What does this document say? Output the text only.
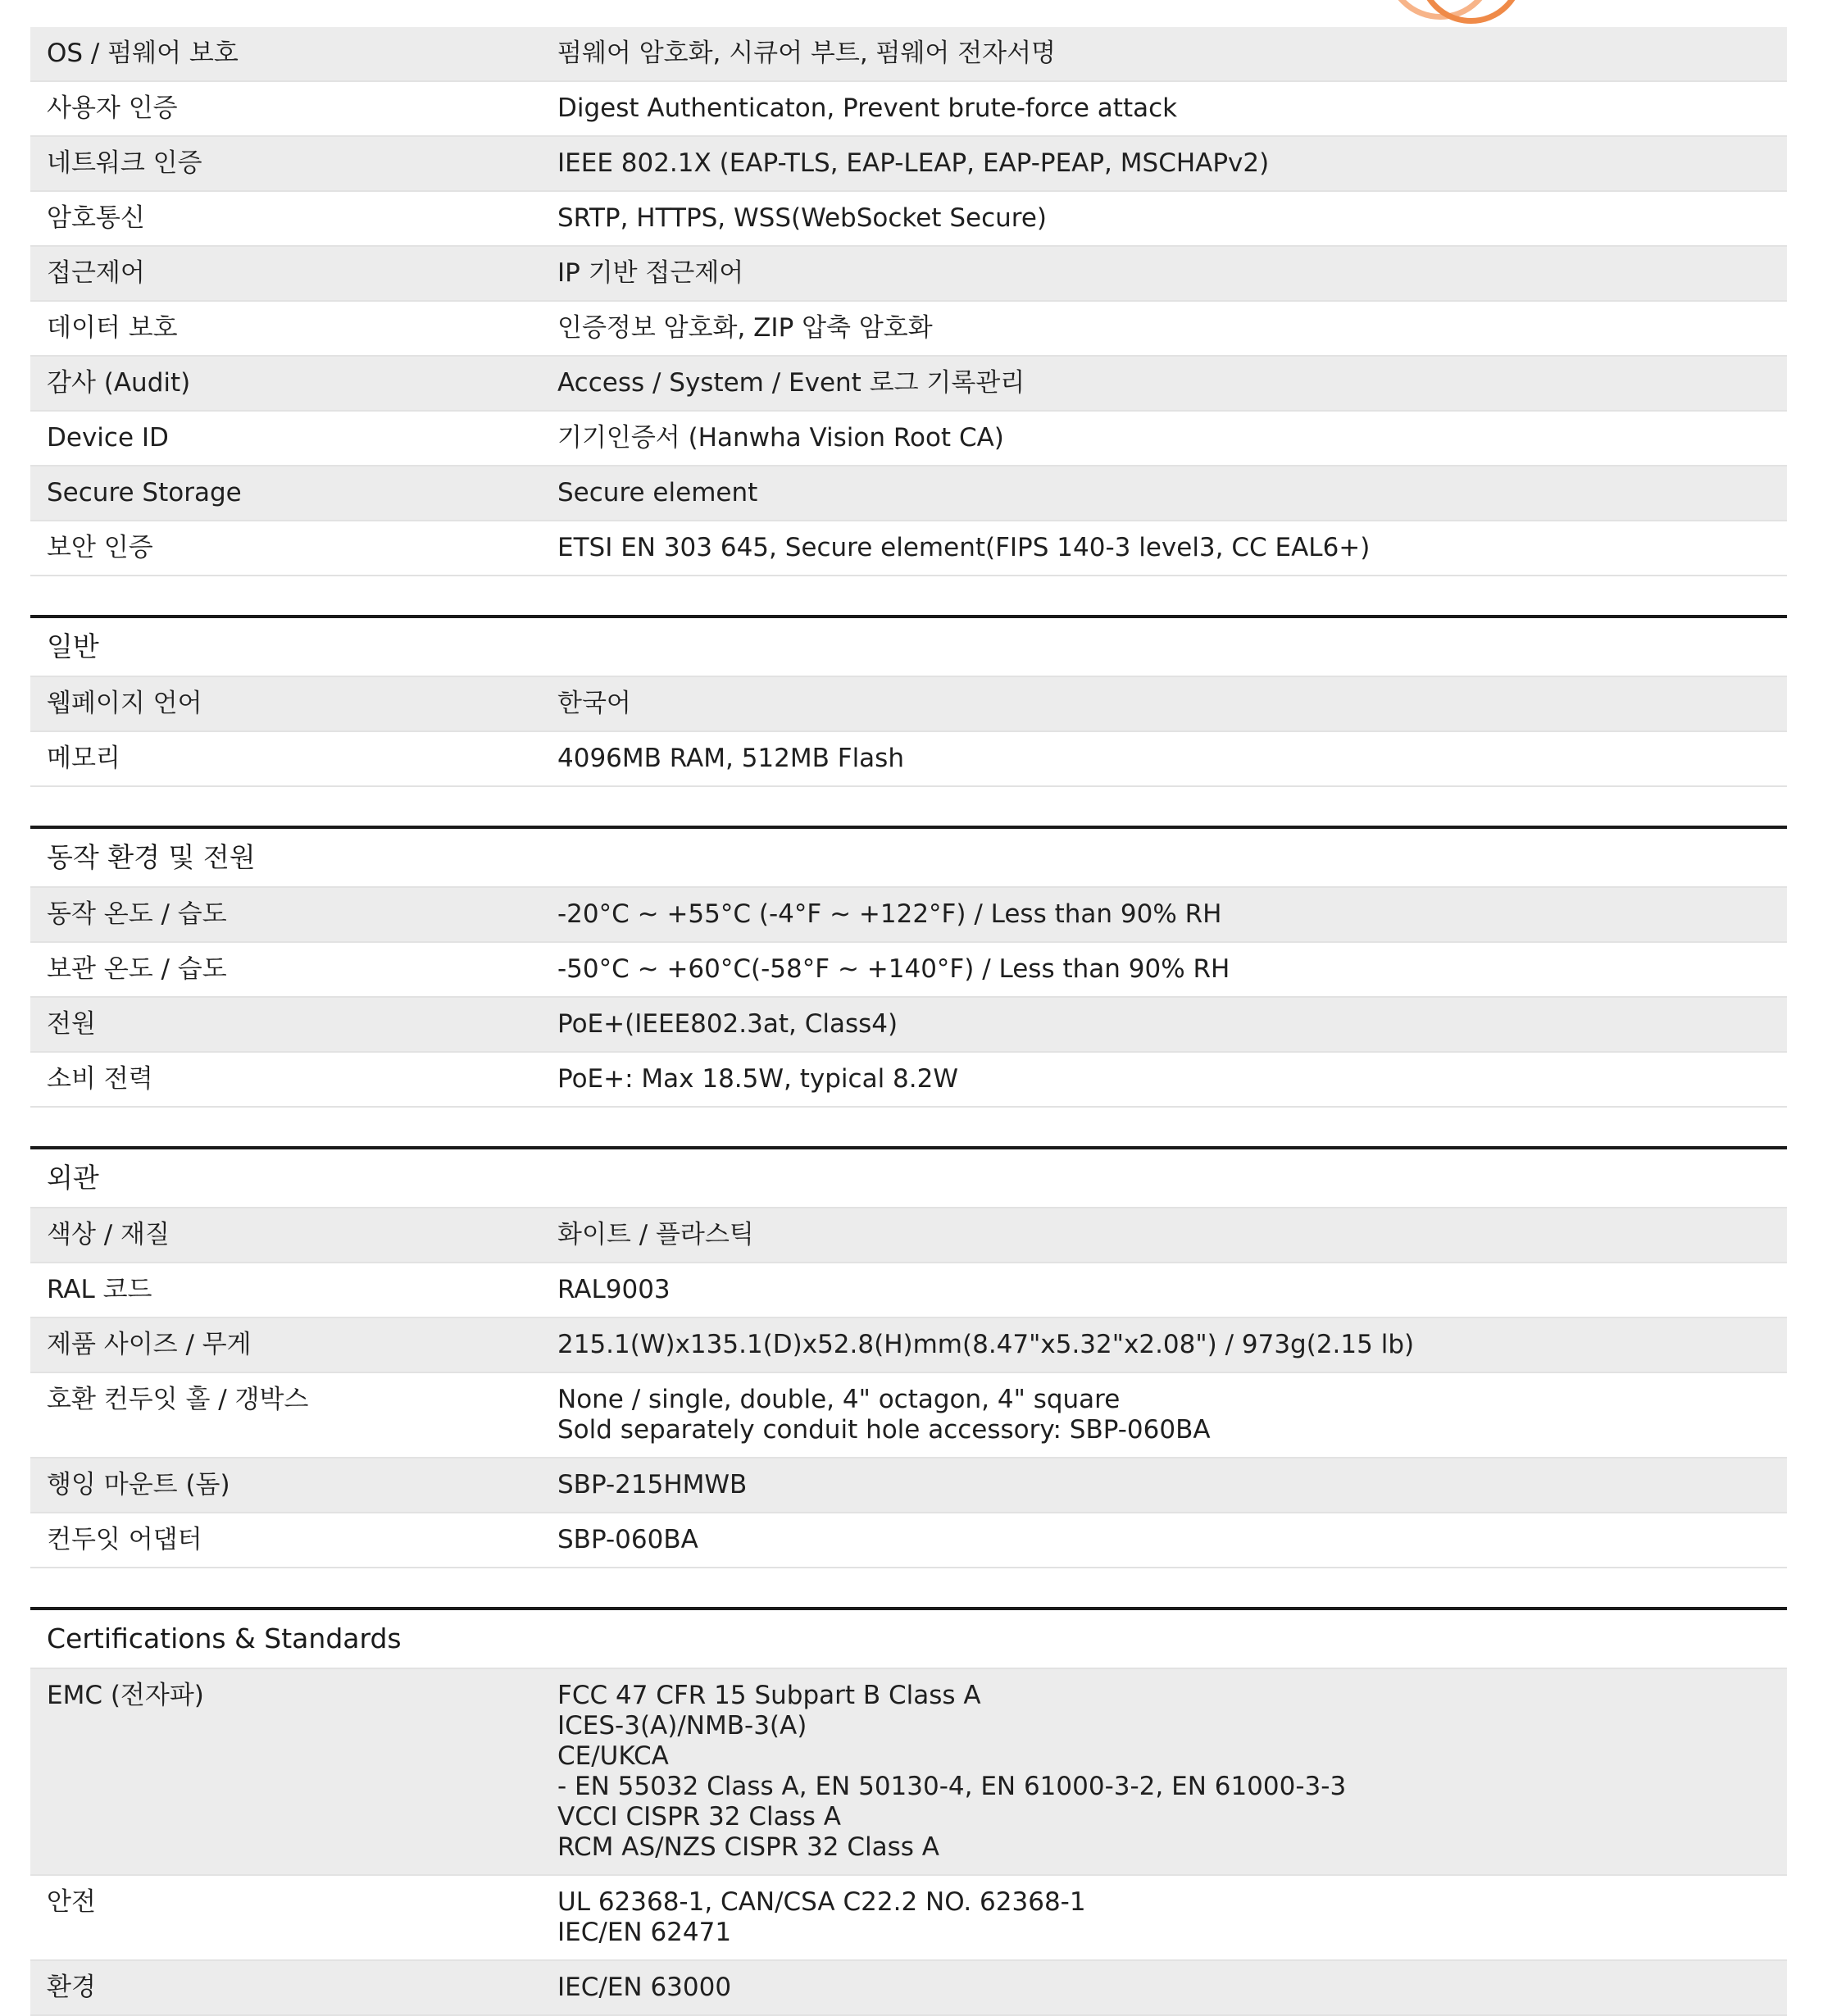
OS / 펌웨어 보호	펌웨어 암호화, 시큐어 부트, 펌웨어 전자서명
사용자 인증	Digest Authenticaton, Prevent brute-force attack
네트워크 인증	IEEE 802.1X (EAP-TLS, EAP-LEAP, EAP-PEAP, MSCHAPv2)
암호통신	SRTP, HTTPS, WSS(WebSocket Secure)
접근제어	IP 기반 접근제어
데이터 보호	인증정보 암호화, ZIP 압축 암호화
감사 (Audit)	Access / System / Event 로그 기록관리
Device ID	기기인증서 (Hanwha Vision Root CA)
Secure Storage	Secure element
보안 인증	ETSI EN 303 645, Secure element(FIPS 140-3 level3, CC EAL6+)
일반
웹페이지 언어	한국어
메모리	4096MB RAM, 512MB Flash
동작 환경 및 전원
동작 온도 / 습도	-20°C ~ +55°C (-4°F ~ +122°F) / Less than 90% RH
보관 온도 / 습도	-50°C ~ +60°C(-58°F ~ +140°F) / Less than 90% RH
전원	PoE+(IEEE802.3at, Class4)
소비 전력	PoE+: Max 18.5W, typical 8.2W
외관
색상 / 재질	화이트 / 플라스틱
RAL 코드	RAL9003
제품 사이즈 / 무게	215.1(W)x135.1(D)x52.8(H)mm(8.47"x5.32"x2.08") / 973g(2.15 lb)
호환 컨두잇 홀 / 갱박스	None / single, double, 4" octagon, 4" square
Sold separately conduit hole accessory: SBP-060BA
행잉 마운트 (돔)	SBP-215HMWB
컨두잇 어댑터	SBP-060BA
Certifications & Standards
EMC (전자파)	FCC 47 CFR 15 Subpart B Class A
ICES-3(A)/NMB-3(A)
CE/UKCA
- EN 55032 Class A, EN 50130-4, EN 61000-3-2, EN 61000-3-3
VCCI CISPR 32 Class A
RCM AS/NZS CISPR 32 Class A
안전	UL 62368-1, CAN/CSA C22.2 NO. 62368-1
IEC/EN 62471
환경	IEC/EN 63000
